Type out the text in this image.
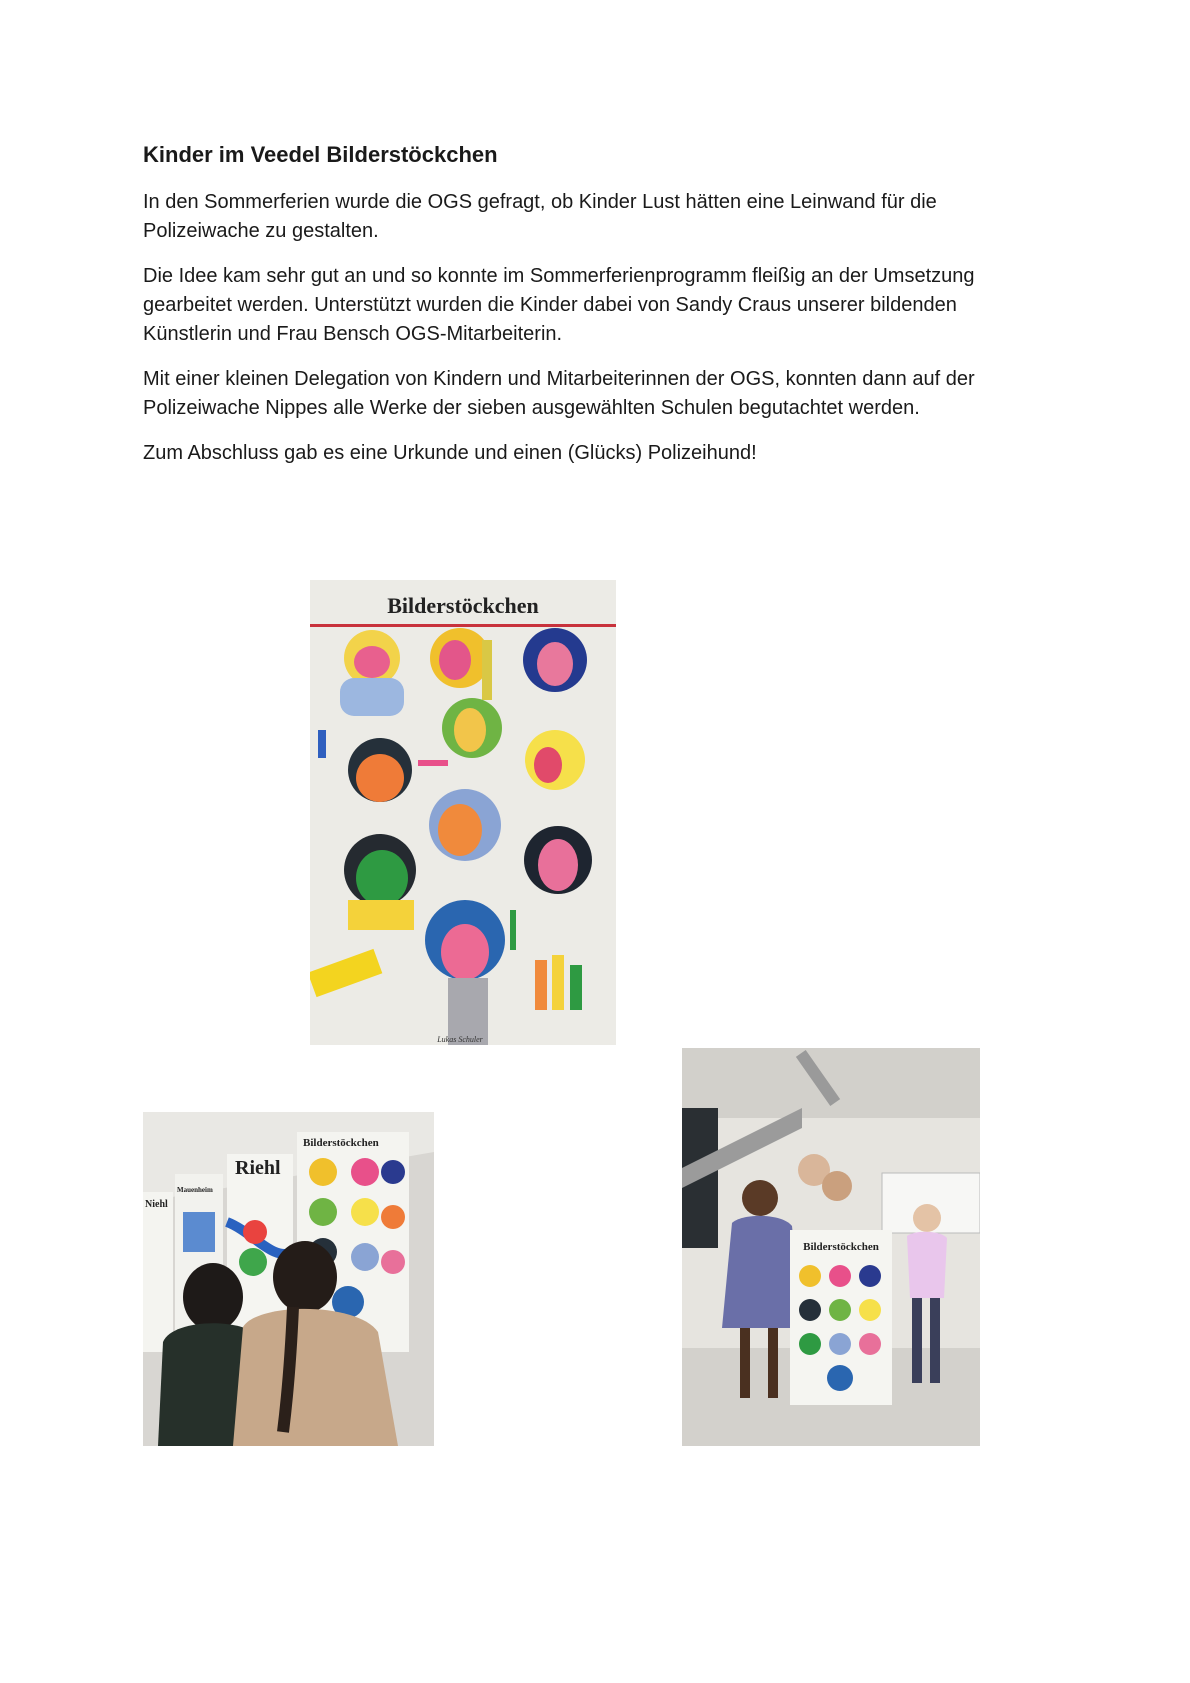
Kinder im Veedel Bilderstöckchen

In den Sommerferien wurde die OGS gefragt, ob Kinder Lust hätten eine Leinwand für die Polizeiwache zu gestalten.

Die Idee kam sehr gut an und so konnte im Sommerferienprogramm fleißig an der Umsetzung gearbeitet werden. Unterstützt wurden die Kinder dabei von Sandy Craus unserer bildenden Künstlerin und Frau Bensch OGS-Mitarbeiterin.

Mit einer kleinen Delegation von Kindern und Mitarbeiterinnen der OGS, konnten dann auf der Polizeiwache Nippes alle Werke der sieben ausgewählten Schulen begutachtet werden.

Zum Abschluss gab es eine Urkunde und einen (Glücks) Polizeihund!

Bilderstöckchen
Lukas Schuler
Niehl
Mauenheim
Riehl
Bilderstöckchen
Bilderstöckchen
